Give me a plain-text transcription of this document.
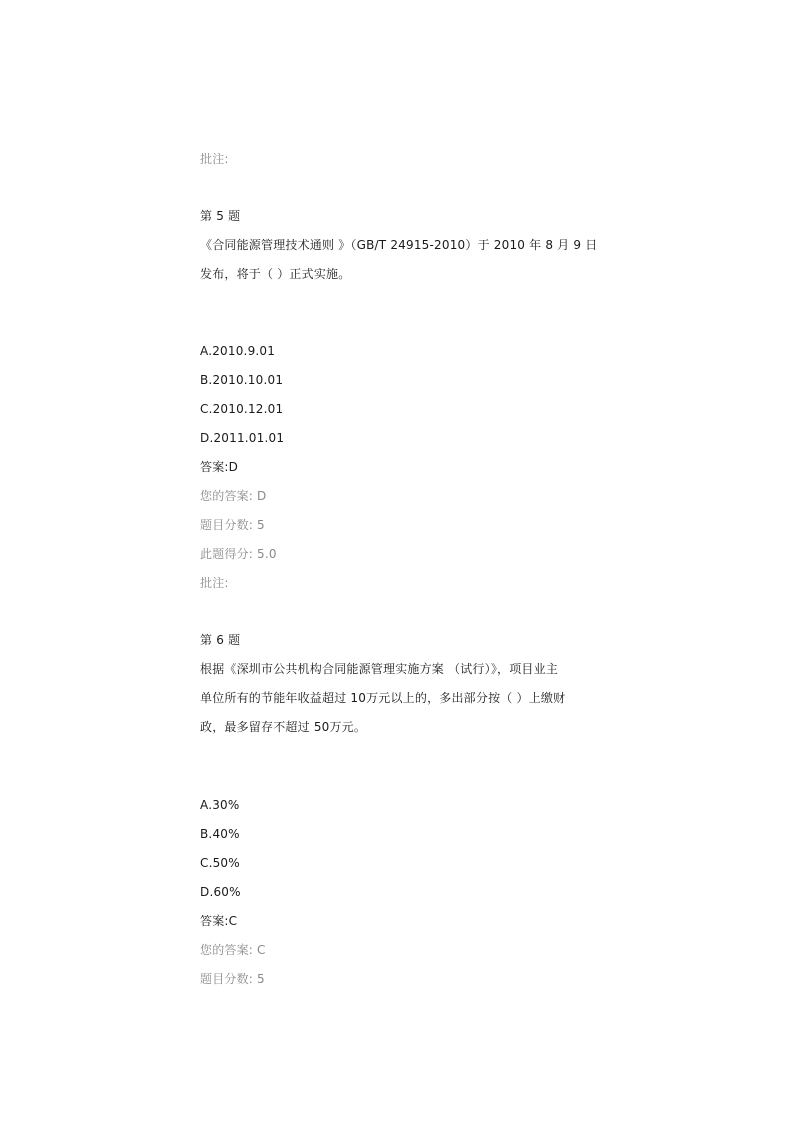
批注:
第 5 题
《合同能源管理技术通则 》（GB/T 24915-2010）于 2010 年 8 月 9 日
发布，将于（ ）正式实施。
A.2010.9.01
B.2010.10.01
C.2010.12.01
D.2011.01.01
答案:D
您的答案: D
题目分数: 5
此题得分: 5.0
批注:
第 6 题
根据《深圳市公共机构合同能源管理实施方案 （试行）》，项目业主
单位所有的节能年收益超过 10万元以上的，多出部分按（ ）上缴财
政，最多留存不超过 50万元。
A.30%
B.40%
C.50%
D.60%
答案:C
您的答案: C
题目分数: 5
